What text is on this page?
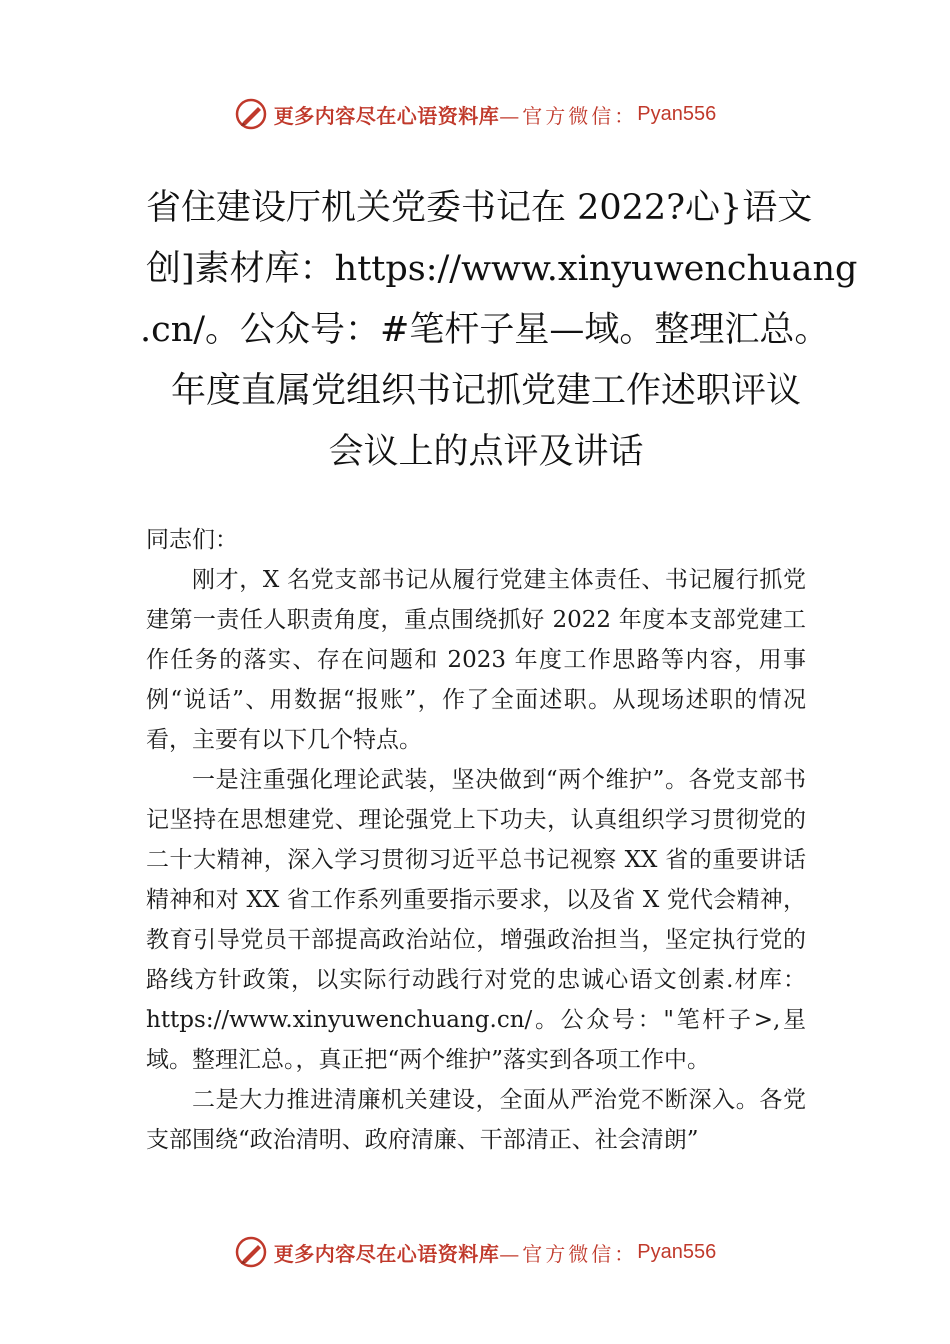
更多内容尽在心语资料库 —官方微信： Pyan556
省住建设厅机关党委书记在 2022?心}语文
创]素材库：https://www.xinyuwenchuang
.cn/。公众号：#笔杆子星—域。整理汇总。
年度直属党组织书记抓党建工作述职评议
会议上的点评及讲话
同志们：

刚才，X 名党支部书记从履行党建主体责任、书记履行抓党建第一责任人职责角度，重点围绕抓好 2022 年度本支部党建工作任务的落实、存在问题和 2023 年度工作思路等内容，用事例“说话”、用数据“报账”，作了全面述职。从现场述职的情况看，主要有以下几个特点。

一是注重强化理论武装，坚决做到“两个维护”。各党支部书记坚持在思想建党、理论强党上下功夫，认真组织学习贯彻党的二十大精神，深入学习贯彻习近平总书记视察 XX 省的重要讲话精神和对 XX 省工作系列重要指示要求，以及省 X 党代会精神，教育引导党员干部提高政治站位，增强政治担当，坚定执行党的路线方针政策，以实际行动践行对党的忠诚心语文创素.材库：https://www.xinyuwenchuang.cn/。公众号："笔杆子>,星域。整理汇总。，真正把“两个维护”落实到各项工作中。

二是大力推进清廉机关建设，全面从严治党不断深入。各党支部围绕“政治清明、政府清廉、干部清正、社会清朗”

更多内容尽在心语资料库 —官方微信： Pyan556
